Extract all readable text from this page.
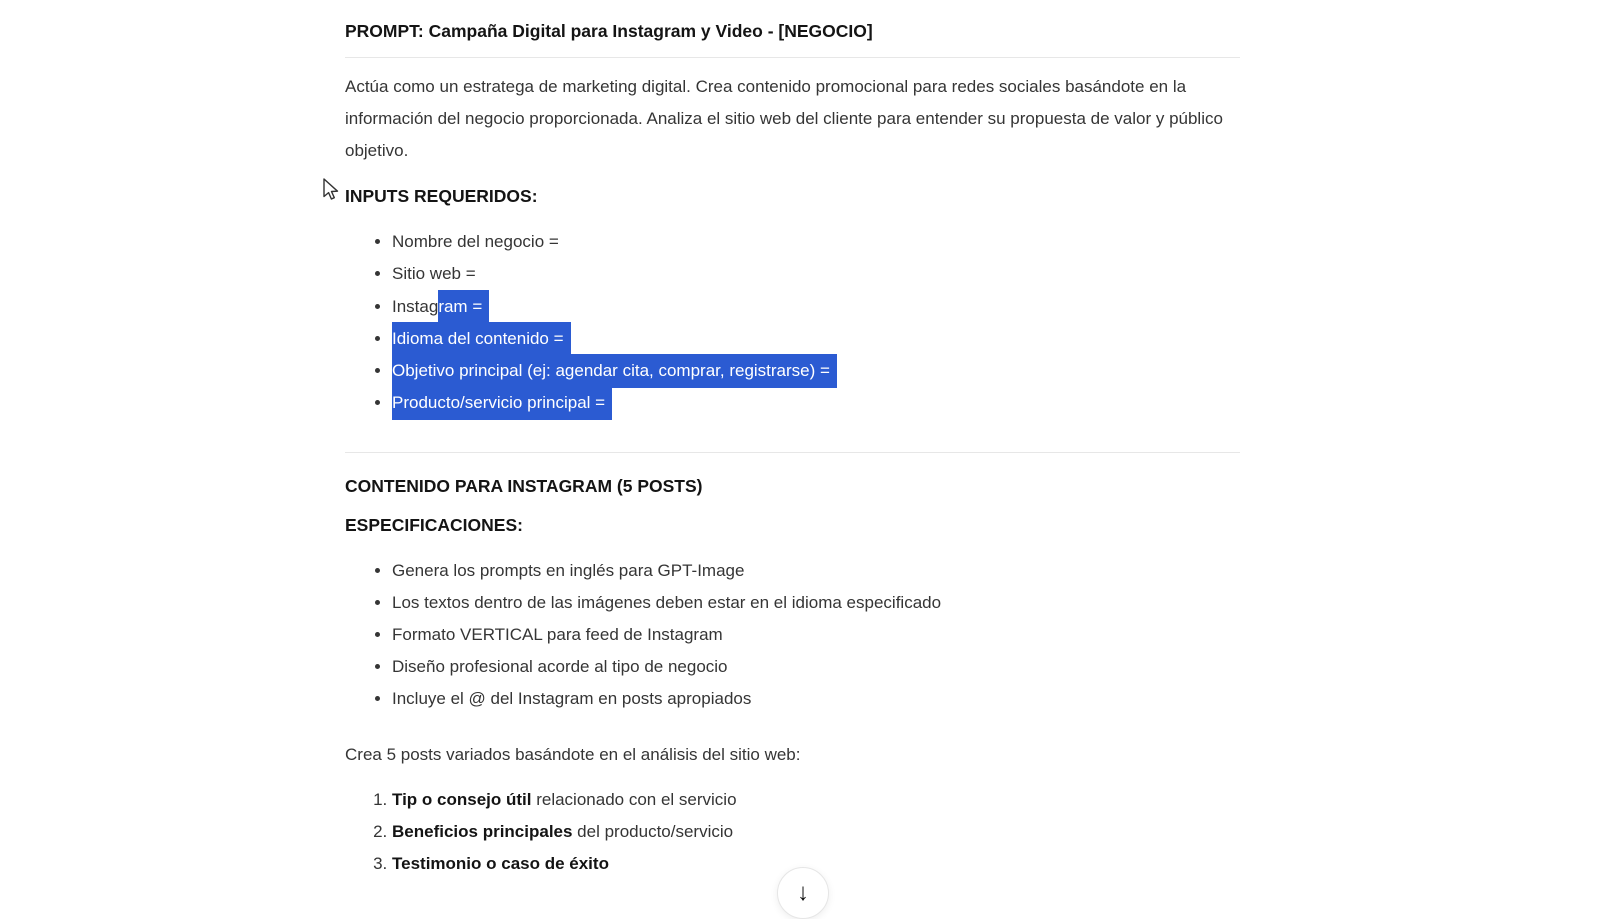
PROMPT: Campaña Digital para Instagram y Video - [NEGOCIO]
Actúa como un estratega de marketing digital. Crea contenido promocional para redes sociales basándote en la información del negocio proporcionada. Analiza el sitio web del cliente para entender su propuesta de valor y público objetivo.
INPUTS REQUERIDOS:
• Nombre del negocio =
• Sitio web =
• Instagram =
• Idioma del contenido =
• Objetivo principal (ej: agendar cita, comprar, registrarse) =
• Producto/servicio principal =
CONTENIDO PARA INSTAGRAM (5 POSTS)
ESPECIFICACIONES:
• Genera los prompts en inglés para GPT-Image
• Los textos dentro de las imágenes deben estar en el idioma especificado
• Formato VERTICAL para feed de Instagram
• Diseño profesional acorde al tipo de negocio
• Incluye el @ del Instagram en posts apropiados
Crea 5 posts variados basándote en el análisis del sitio web:
1. Tip o consejo útil relacionado con el servicio
2. Beneficios principales del producto/servicio
3. Testimonio o caso de éxito
↓
